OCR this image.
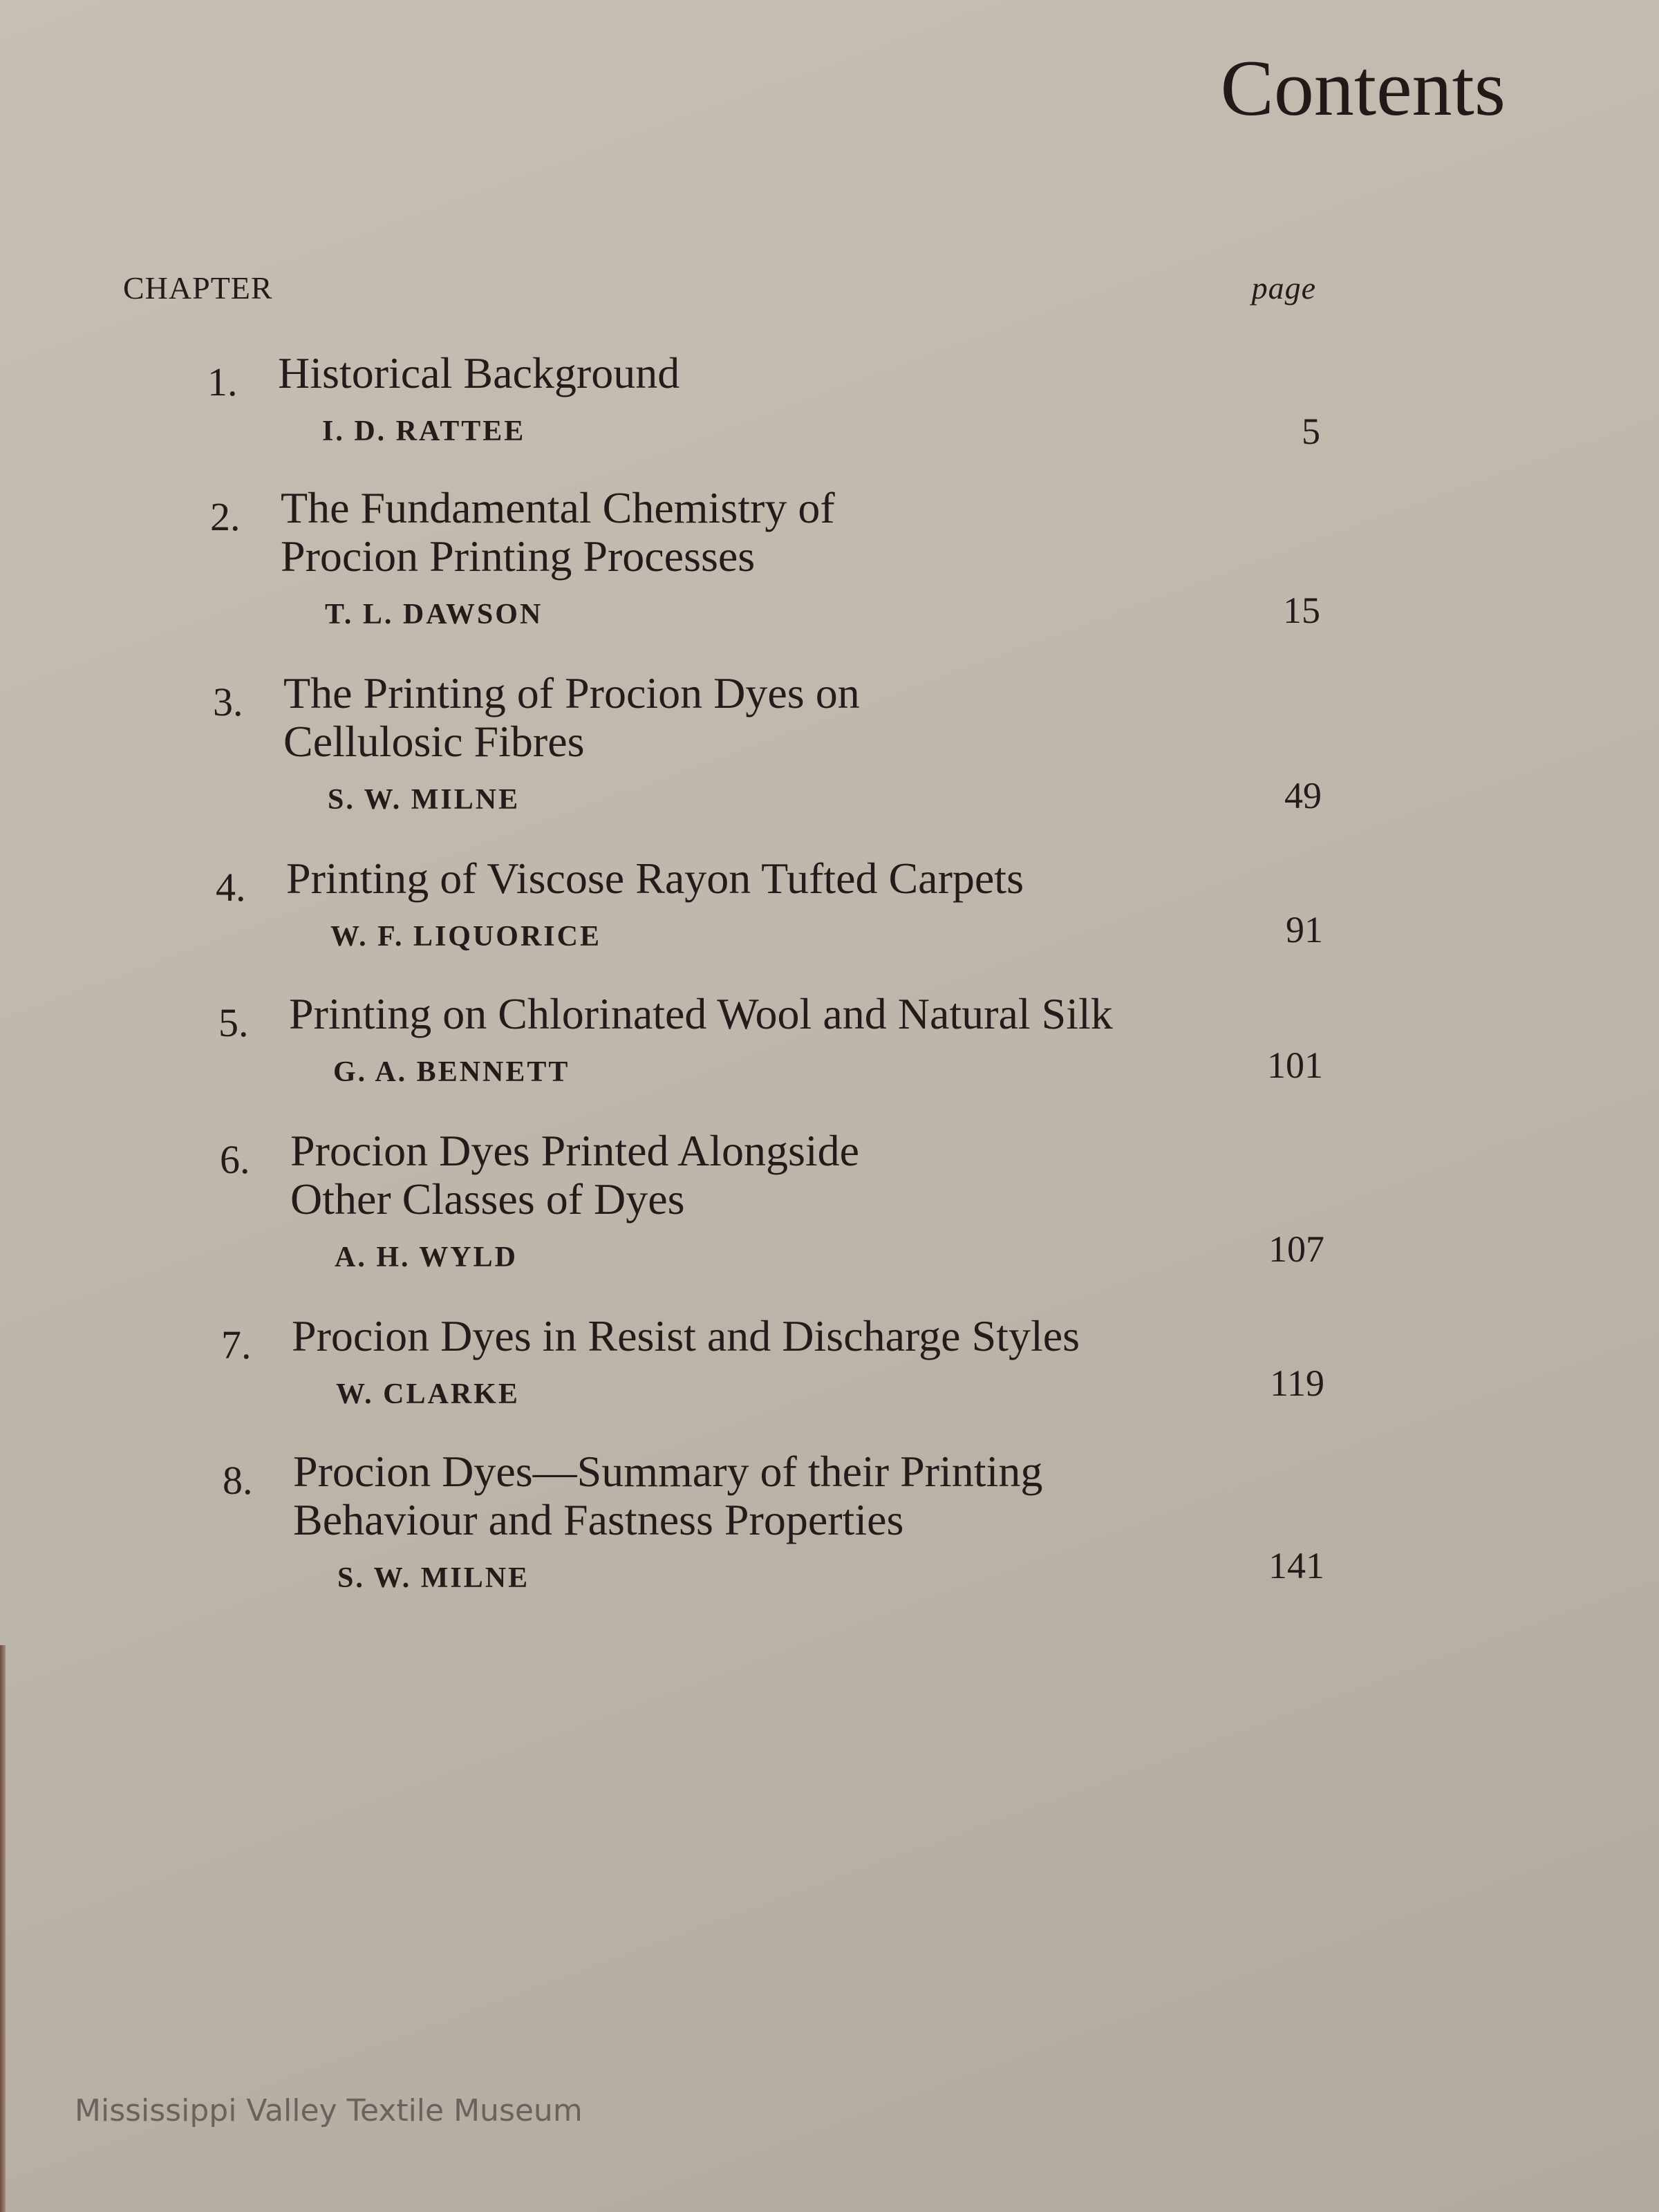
Contents
CHAPTER	page
1. Historical Background
I. D. RATTEE	5
2. The Fundamental Chemistry of
Procion Printing Processes
T. L. DAWSON	15
3. The Printing of Procion Dyes on
Cellulosic Fibres
S. W. MILNE	49
4. Printing of Viscose Rayon Tufted Carpets
W. F. LIQUORICE	91
5. Printing on Chlorinated Wool and Natural Silk
G. A. BENNETT	101
6. Procion Dyes Printed Alongside
Other Classes of Dyes
A. H. WYLD	107
7. Procion Dyes in Resist and Discharge Styles
W. CLARKE	119
8. Procion Dyes—Summary of their Printing
Behaviour and Fastness Properties
S. W. MILNE	141
Mississippi Valley Textile Museum
